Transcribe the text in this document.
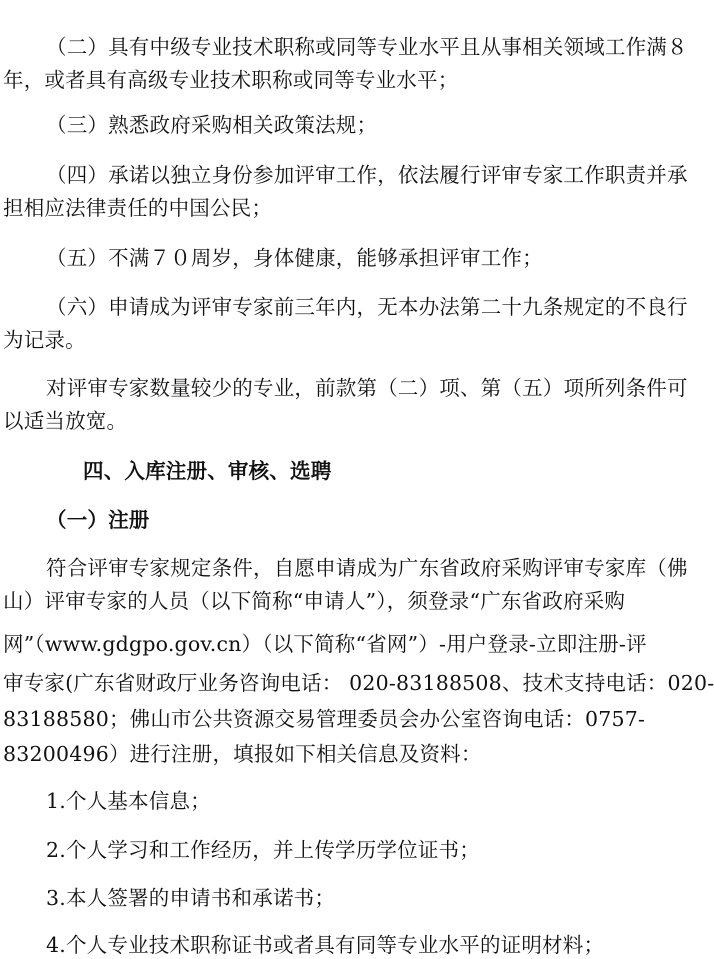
（二）具有中级专业技术职称或同等专业水平且从事相关领域工作满８

年，或者具有高级专业技术职称或同等专业水平；

（三）熟悉政府采购相关政策法规；

（四）承诺以独立身份参加评审工作，依法履行评审专家工作职责并承

担相应法律责任的中国公民；

（五）不满７０周岁，身体健康，能够承担评审工作；

（六）申请成为评审专家前三年内，无本办法第二十九条规定的不良行

为记录。

对评审专家数量较少的专业，前款第（二）项、第（五）项所列条件可

以适当放宽。

四、入库注册、审核、选聘

（一）注册

符合评审专家规定条件，自愿申请成为广东省政府采购评审专家库（佛

山）评审专家的人员（以下简称“申请人”），须登录“广东省政府采购

网”（www.gdgpo.gov.cn）（以下简称“省网”）-用户登录-立即注册-评

审专家(广东省财政厅业务咨询电话： 020-83188508、技术支持电话：020-

83188580；佛山市公共资源交易管理委员会办公室咨询电话：0757-

83200496）进行注册，填报如下相关信息及资料：

1.个人基本信息；

2.个人学习和工作经历，并上传学历学位证书；

3.本人签署的申请书和承诺书；

4.个人专业技术职称证书或者具有同等专业水平的证明材料；
